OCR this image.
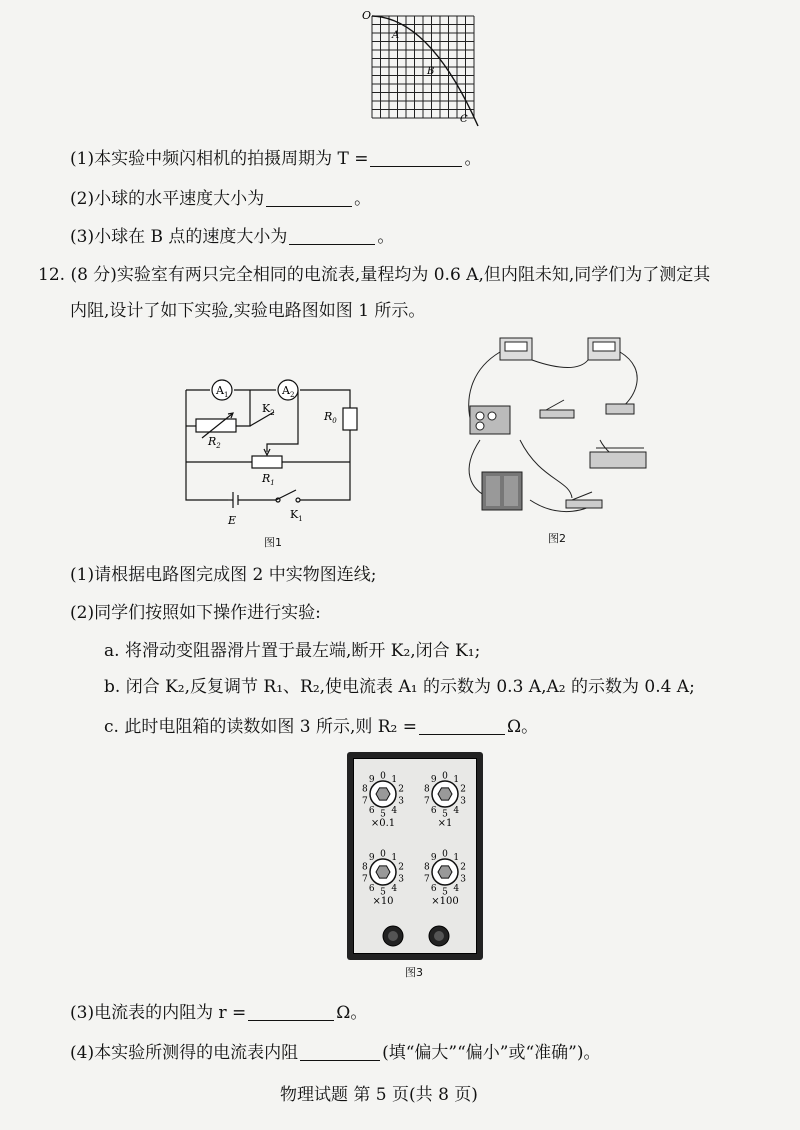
O
A
B
C
(1)本实验中频闪相机的拍摄周期为 T =	。
(2)小球的水平速度大小为	。
(3)小球在 B 点的速度大小为	。
12. (8 分)实验室有两只完全相同的电流表,量程均为 0.6 A,但内阻未知,同学们为了测定其
内阻,设计了如下实验,实验电路图如图 1 所示。
$A_1$	$A_2$
$K_2$
$R_2$
$R_0$
$R_1$
E	$K_1$
图1	图2
(1)请根据电路图完成图 2 中实物图连线;
(2)同学们按照如下操作进行实验:
a. 将滑动变阻器滑片置于最左端,断开 K₂,闭合 K₁;
b. 闭合 K₂,反复调节 R₁、R₂,使电流表 A₁ 的示数为 0.3 A,A₂ 的示数为 0.4 A;
c. 此时电阻箱的读数如图 3 所示,则 R₂ =	Ω。
0 1
2
3
4
5
6
7
8
9
×0.1
0 1
2
3
4
5
6
7
8
9
×1
0 1
2
3
4
5
6
7
8
9
×10
0 1
2
3
4
5
6
7
8
9
×100
图3
(3)电流表的内阻为 r =	Ω。
(4)本实验所测得的电流表内阻	(填“偏大”“偏小”或“准确”)。
物理试题 第 5 页(共 8 页)
